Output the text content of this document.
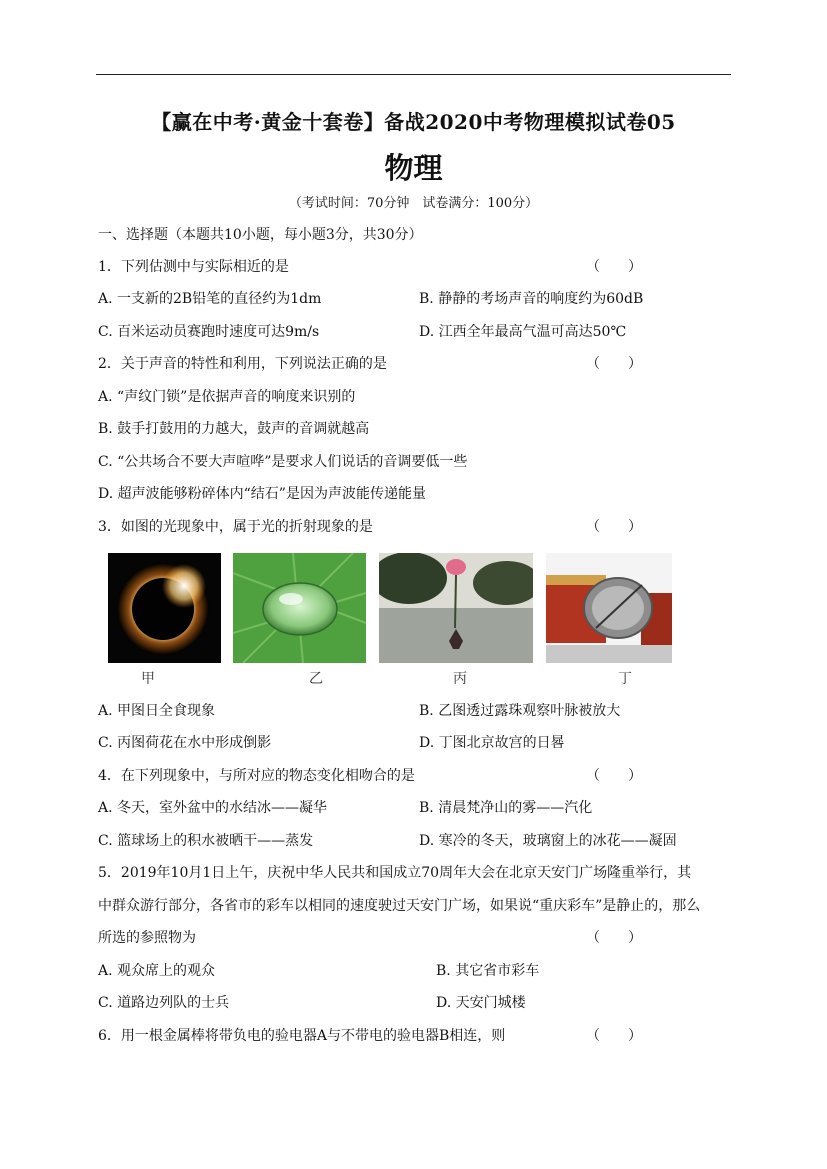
【赢在中考·黄金十套卷】备战2020中考物理模拟试卷05
物理
（考试时间：70分钟　试卷满分：100分）
一、选择题（本题共10小题，每小题3分，共30分）
1．下列估测中与实际相近的是	（　　）
A. 一支新的2B铅笔的直径约为1dm	B. 静静的考场声音的响度约为60dB
C. 百米运动员赛跑时速度可达9m/s	D. 江西全年最高气温可高达50℃
2．关于声音的特性和利用，下列说法正确的是	（　　）
A. “声纹门锁”是依据声音的响度来识别的
B. 鼓手打鼓用的力越大，鼓声的音调就越高
C. “公共场合不要大声喧哗”是要求人们说话的音调要低一些
D. 超声波能够粉碎体内“结石”是因为声波能传递能量
3．如图的光现象中，属于光的折射现象的是	（　　）
甲	乙	丙	丁
A. 甲图日全食现象	B. 乙图透过露珠观察叶脉被放大
C. 丙图荷花在水中形成倒影	D. 丁图北京故宫的日晷
4．在下列现象中，与所对应的物态变化相吻合的是	（　　）
A. 冬天，室外盆中的水结冰——凝华	B. 清晨梵净山的雾——汽化
C. 篮球场上的积水被晒干——蒸发	D. 寒冷的冬天，玻璃窗上的冰花——凝固
5．2019年10月1日上午，庆祝中华人民共和国成立70周年大会在北京天安门广场隆重举行，其
中群众游行部分，各省市的彩车以相同的速度驶过天安门广场，如果说“重庆彩车”是静止的，那么
所选的参照物为	（　　）
A. 观众席上的观众	B. 其它省市彩车
C. 道路边列队的士兵	D. 天安门城楼
6．用一根金属棒将带负电的验电器A与不带电的验电器B相连，则	（　　）
